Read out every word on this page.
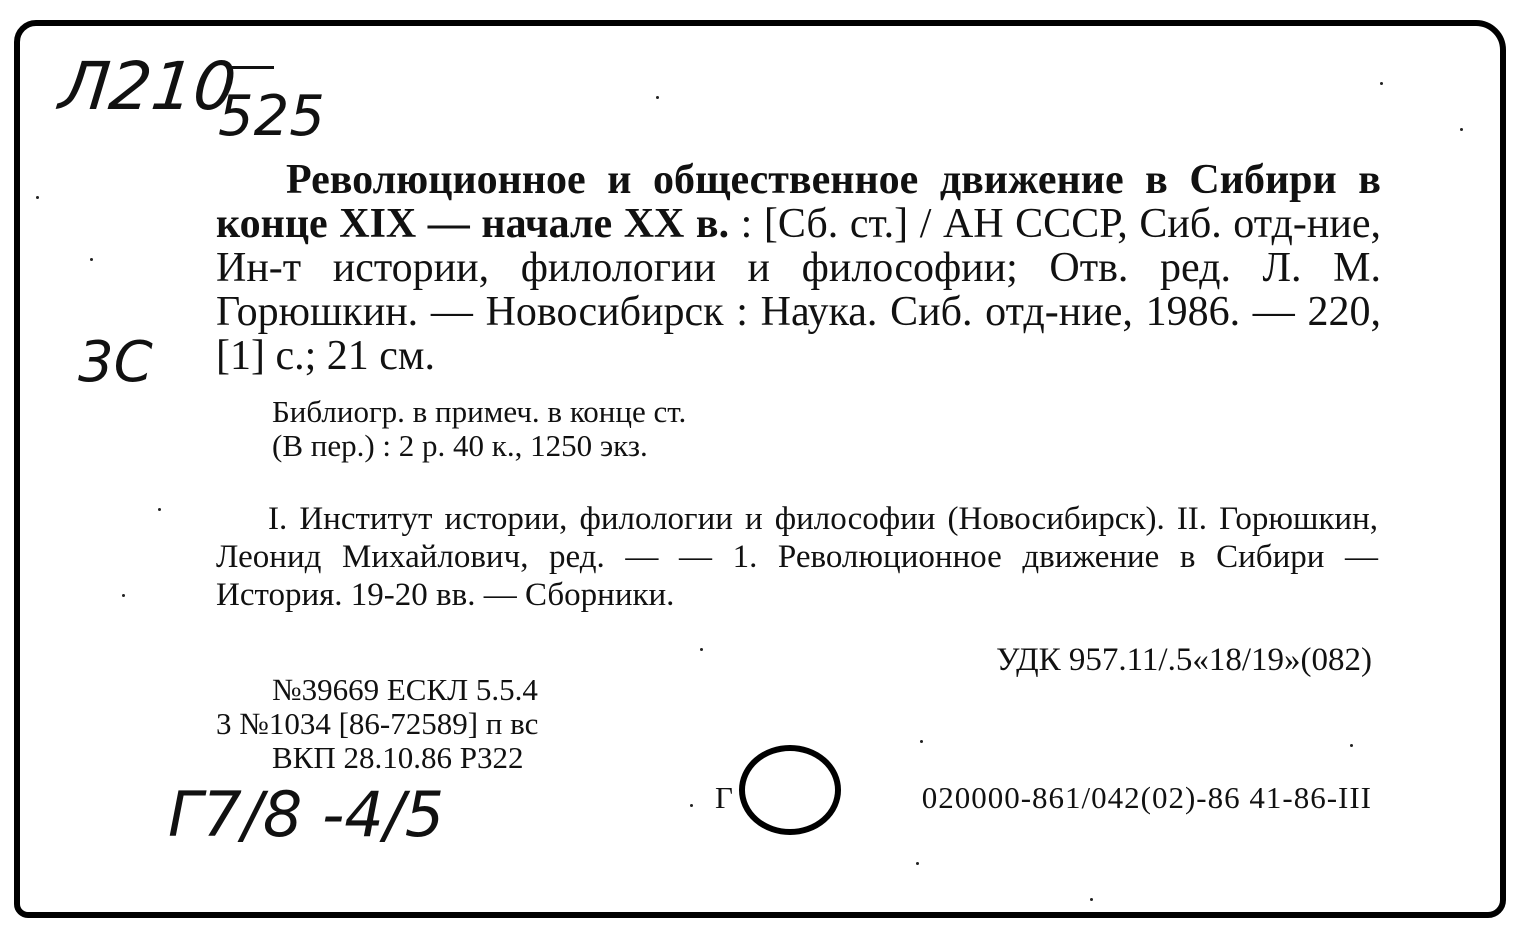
Л210
525
3С
Революционное и общественное движение в Сибири в конце XIX — начале XX в. : [Сб. ст.] / АН СССР, Сиб. отд-ние, Ин-т истории, филологии и философии; Отв. ред. Л. М. Горюшкин. — Новосибирск : Наука. Сиб. отд-ние, 1986. — 220, [1] с.; 21 см.
Библиогр. в примеч. в конце ст.
(В пер.) : 2 р. 40 к., 1250 экз.
I. Институт истории, филологии и философии (Новосибирск). II. Горюшкин, Леонид Михайлович, ред. — — 1. Революционное движение в Сибири — История. 19-20 вв. — Сборники.
УДК 957.11/.5«18/19»(082)
№39669 ЕСКЛ 5.5.4
3 №1034 [86-72589] п вс
ВКП 28.10.86 Р322
Г7/8 -4/5	Г	020000-861/042(02)-86 41-86-III
